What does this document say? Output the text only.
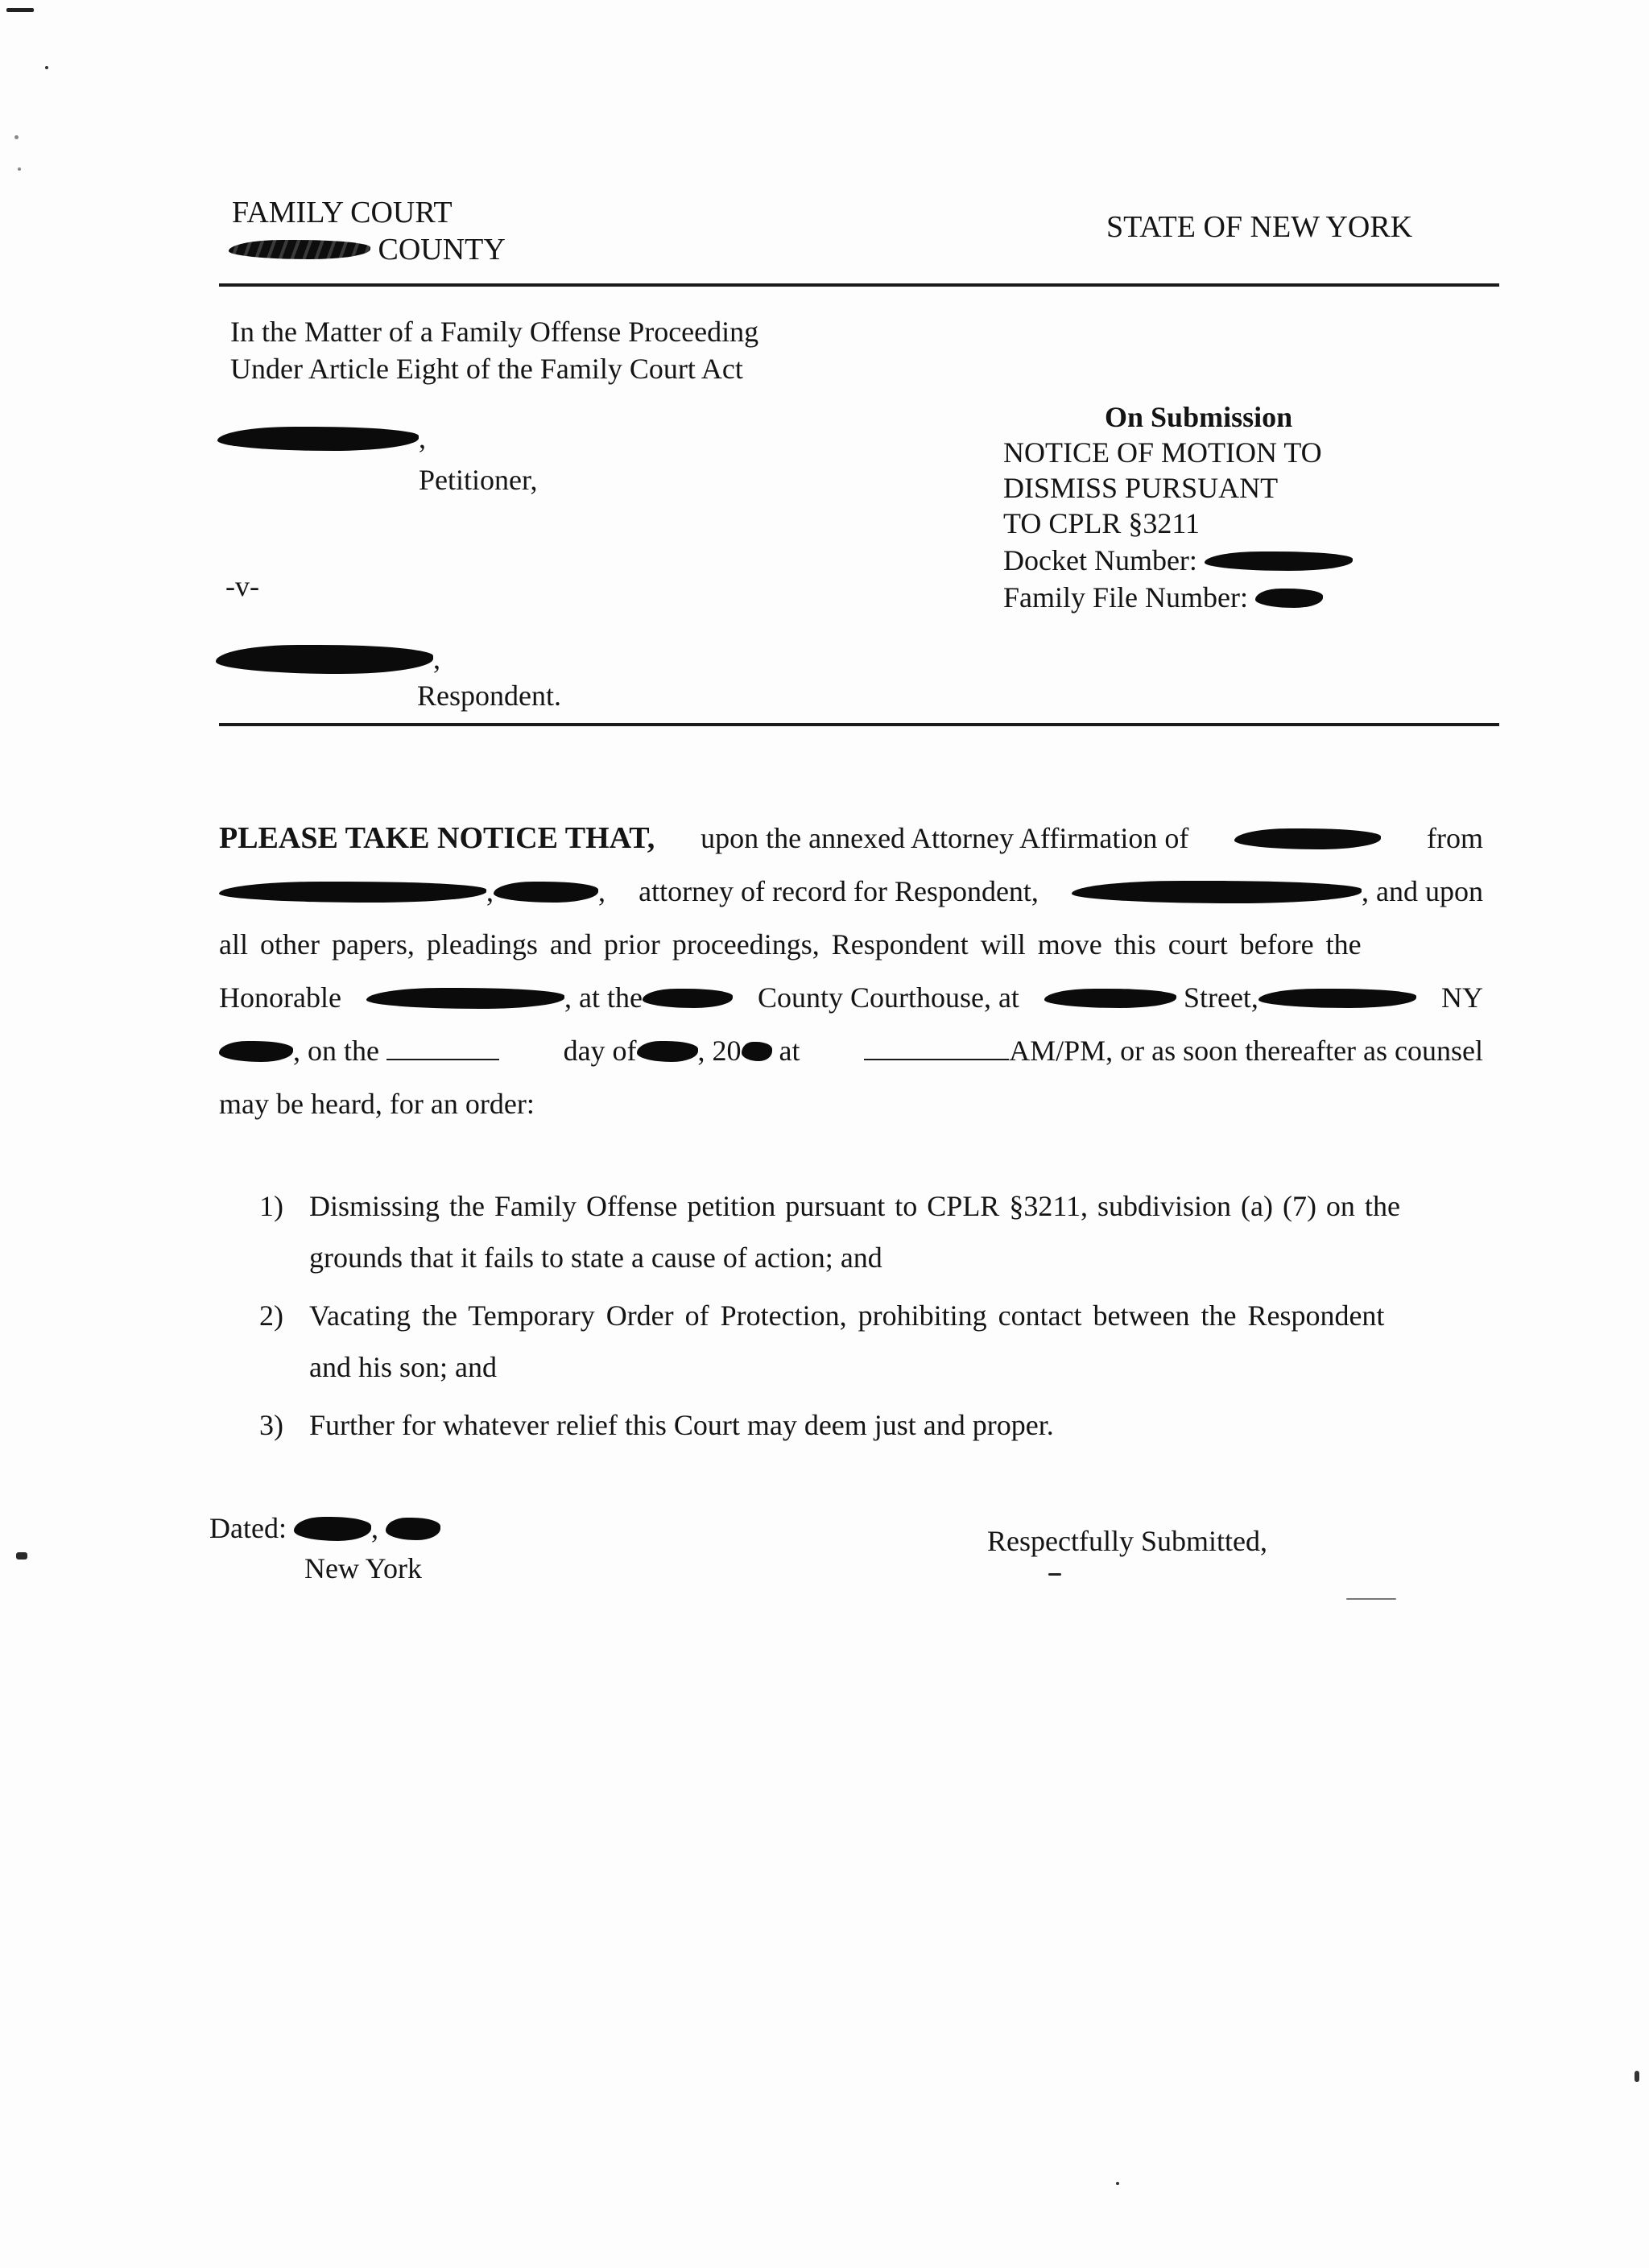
FAMILY COURT
COUNTY
STATE OF NEW YORK
In the Matter of a Family Offense Proceeding
Under Article Eight of the Family Court Act
,
Petitioner,
-v-
,
Respondent.
On Submission
NOTICE OF MOTION TO
DISMISS PURSUANT
TO CPLR §3211
Docket Number:
Family File Number:
PLEASE TAKE NOTICE THAT, upon the annexed Attorney Affirmation of	from
,	, attorney of record for Respondent,	, and upon
all other papers, pleadings and prior proceedings, Respondent will move this court before the
Honorable	, at the	County Courthouse, at	Street,	NY
, on the	day of , 20 at	AM/PM, or as soon thereafter as counsel
may be heard, for an order:
1) Dismissing the Family Offense petition pursuant to CPLR §3211, subdivision (a) (7) on the
grounds that it fails to state a cause of action; and
2) Vacating the Temporary Order of Protection, prohibiting contact between the Respondent
and his son; and
3) Further for whatever relief this Court may deem just and proper.
Dated:	,
New York
Respectfully Submitted,
